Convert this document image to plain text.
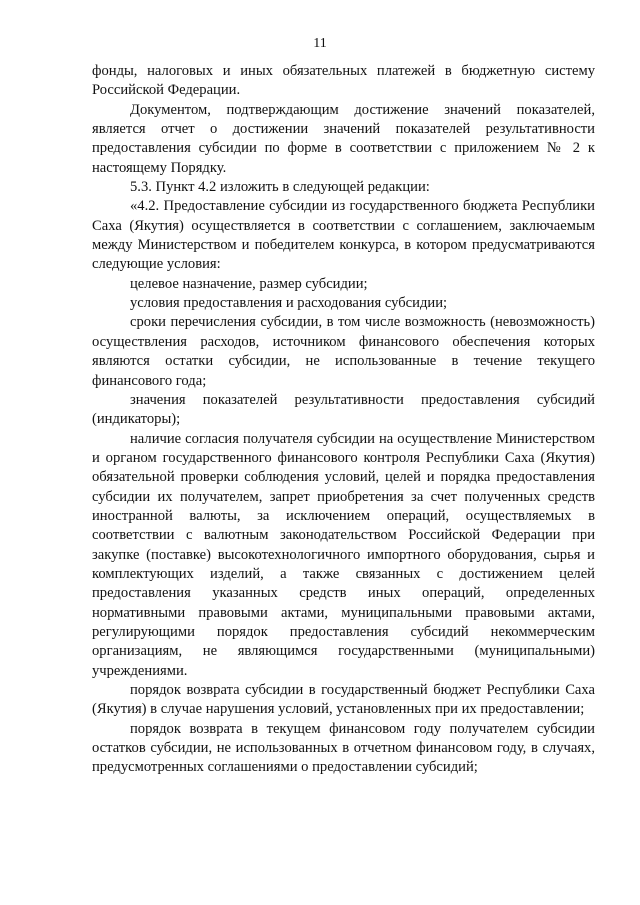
11

фонды, налоговых и иных обязательных платежей в бюджетную систему Российской Федерации.

Документом, подтверждающим достижение значений показателей, является отчет о достижении значений показателей результативности предоставления субсидии по форме в соответствии с приложением № 2 к настоящему Порядку.

5.3. Пункт 4.2 изложить в следующей редакции:

«4.2. Предоставление субсидии из государственного бюджета Республики Саха (Якутия) осуществляется в соответствии с соглашением, заключаемым между Министерством и победителем конкурса, в котором предусматриваются следующие условия:

целевое назначение, размер субсидии;

условия предоставления и расходования субсидии;

сроки перечисления субсидии, в том числе возможность (невозможность) осуществления расходов, источником финансового обеспечения которых являются остатки субсидии, не использованные в течение текущего финансового года;

значения показателей результативности предоставления субсидий (индикаторы);

наличие согласия получателя субсидии на осуществление Министерством и органом государственного финансового контроля Республики Саха (Якутия) обязательной проверки соблюдения условий, целей и порядка предоставления субсидии их получателем, запрет приобретения за счет полученных средств иностранной валюты, за исключением операций, осуществляемых в соответствии с валютным законодательством Российской Федерации при закупке (поставке) высокотехнологичного импортного оборудования, сырья и комплектующих изделий, а также связанных с достижением целей предоставления указанных средств иных операций, определенных нормативными правовыми актами, муниципальными правовыми актами, регулирующими порядок предоставления субсидий некоммерческим организациям, не являющимся государственными (муниципальными) учреждениями.

порядок возврата субсидии в государственный бюджет Республики Саха (Якутия) в случае нарушения условий, установленных при их предоставлении;

порядок возврата в текущем финансовом году получателем субсидии остатков субсидии, не использованных в отчетном финансовом году, в случаях, предусмотренных соглашениями о предоставлении субсидий;
